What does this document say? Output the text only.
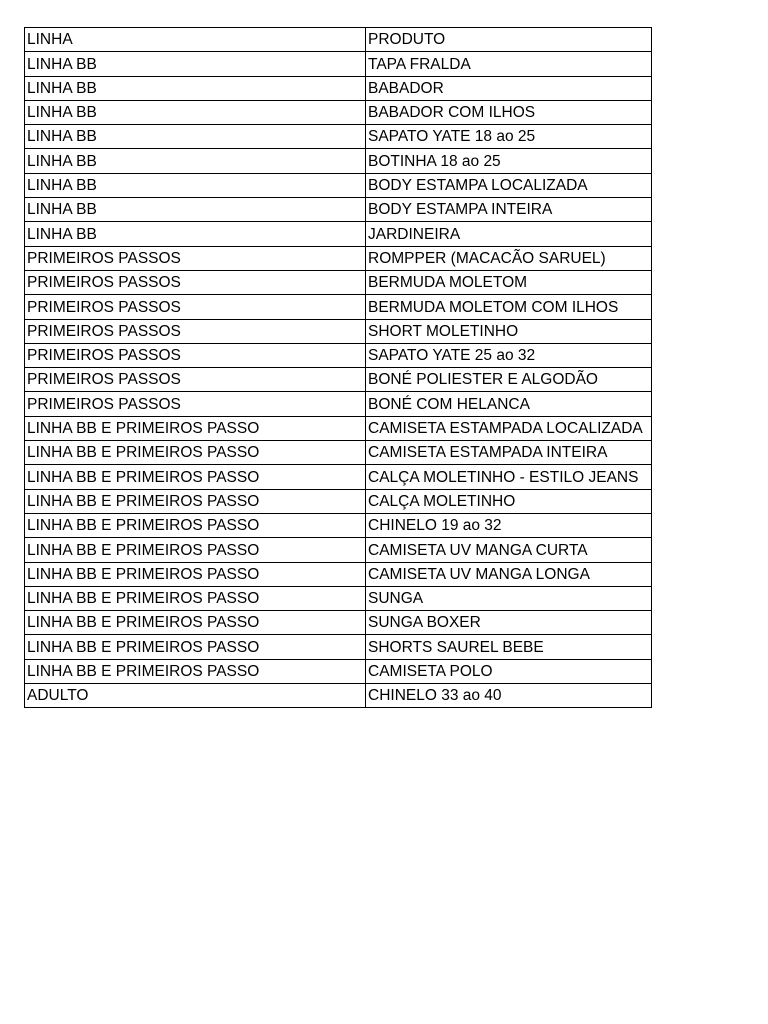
LINHA	PRODUTO
LINHA BB	TAPA FRALDA
LINHA BB	BABADOR
LINHA BB	BABADOR COM ILHOS
LINHA BB	SAPATO YATE 18 ao 25
LINHA BB	BOTINHA 18 ao 25
LINHA BB	BODY ESTAMPA LOCALIZADA
LINHA BB	BODY ESTAMPA INTEIRA
LINHA BB	JARDINEIRA
PRIMEIROS PASSOS	ROMPPER (MACACÃO SARUEL)
PRIMEIROS PASSOS	BERMUDA MOLETOM
PRIMEIROS PASSOS	BERMUDA MOLETOM COM ILHOS
PRIMEIROS PASSOS	SHORT MOLETINHO
PRIMEIROS PASSOS	SAPATO YATE 25 ao 32
PRIMEIROS PASSOS	BONÉ POLIESTER E ALGODÃO
PRIMEIROS PASSOS	BONÉ COM HELANCA
LINHA BB E PRIMEIROS PASSO	CAMISETA ESTAMPADA LOCALIZADA
LINHA BB E PRIMEIROS PASSO	CAMISETA ESTAMPADA INTEIRA
LINHA BB E PRIMEIROS PASSO	CALÇA MOLETINHO - ESTILO JEANS
LINHA BB E PRIMEIROS PASSO	CALÇA MOLETINHO
LINHA BB E PRIMEIROS PASSO	CHINELO 19 ao 32
LINHA BB E PRIMEIROS PASSO	CAMISETA UV MANGA CURTA
LINHA BB E PRIMEIROS PASSO	CAMISETA UV MANGA LONGA
LINHA BB E PRIMEIROS PASSO	SUNGA
LINHA BB E PRIMEIROS PASSO	SUNGA BOXER
LINHA BB E PRIMEIROS PASSO	SHORTS SAUREL BEBE
LINHA BB E PRIMEIROS PASSO	CAMISETA POLO
ADULTO	CHINELO 33 ao 40
